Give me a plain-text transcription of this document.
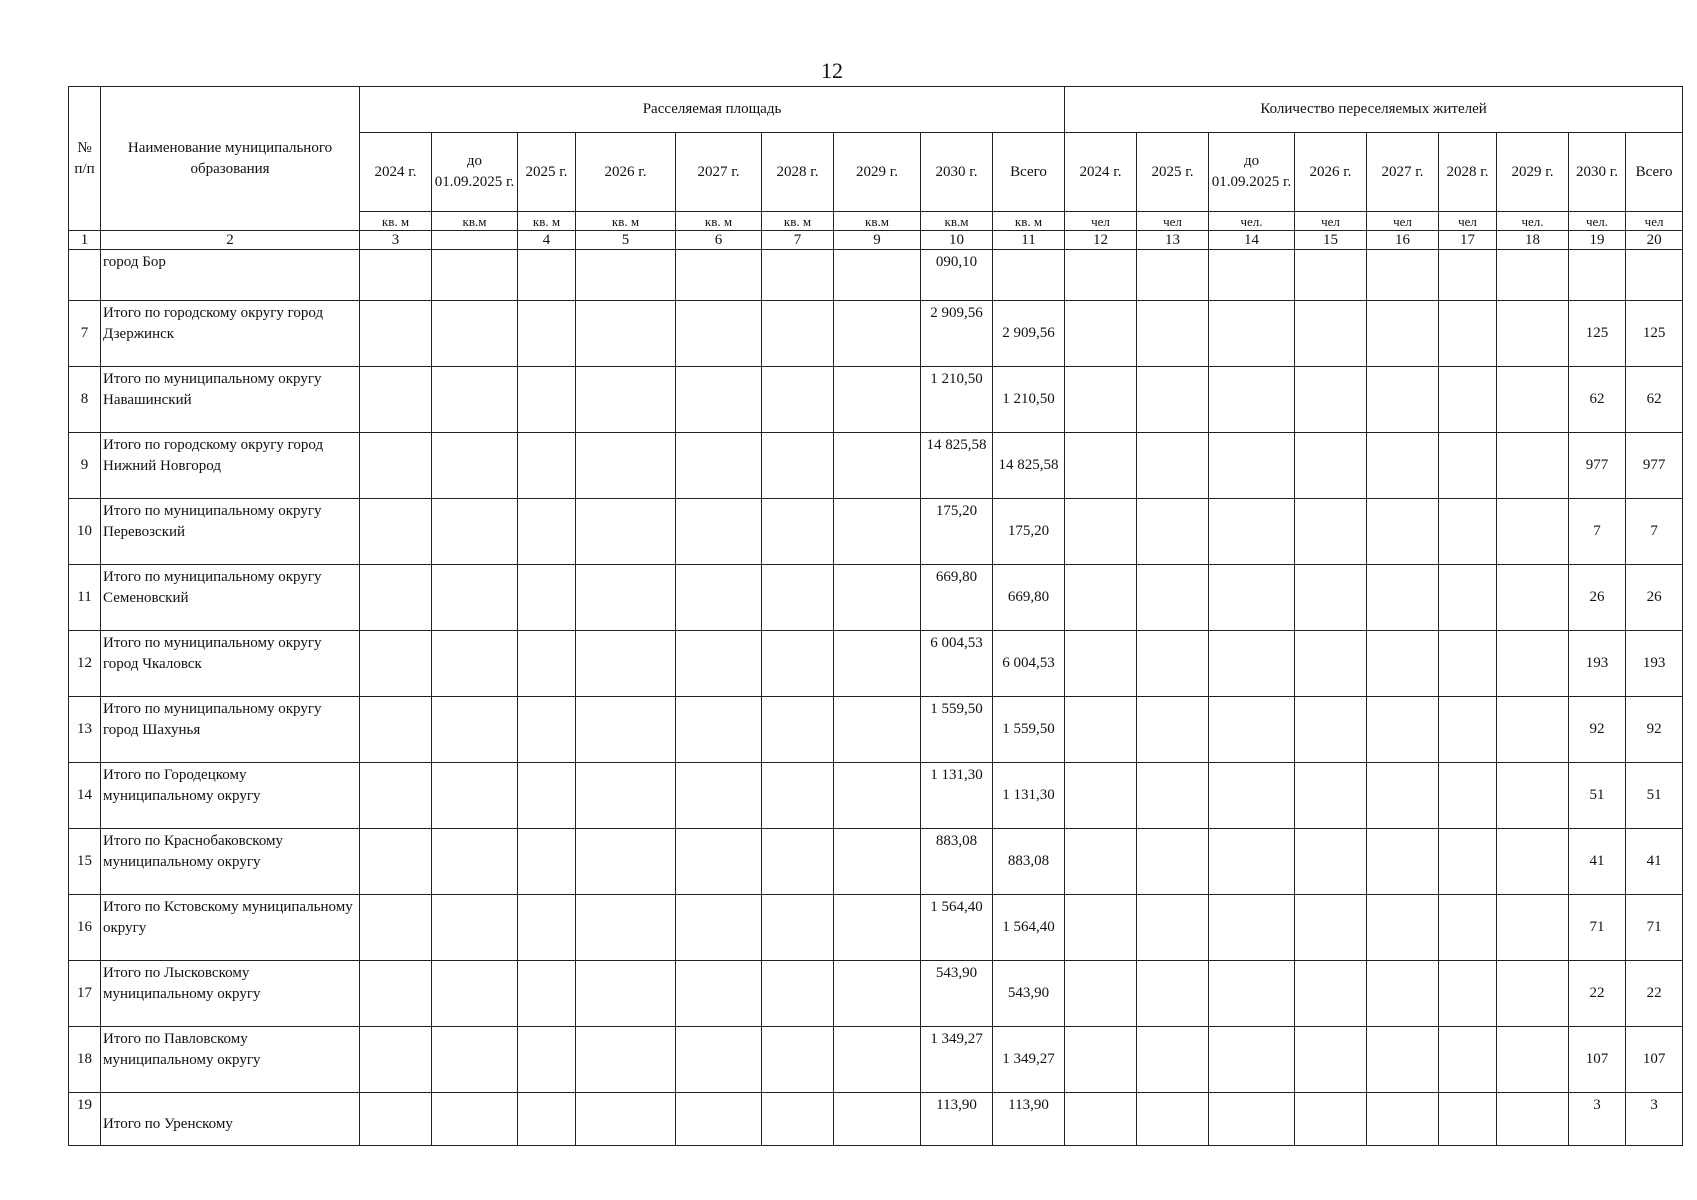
12
№ п/п	Наименование муниципального образования	Расселяемая площадь									Количество переселяемых жителей								
		2024 г.	до 01.09.2025 г.	2025 г.	2026 г.	2027 г.	2028 г.	2029 г.	2030 г.	Всего	2024 г.	2025 г.	до 01.09.2025 г.	2026 г.	2027 г.	2028 г.	2029 г.	2030 г.	Всего
		кв. м	кв.м	кв. м	кв. м	кв. м	кв. м	кв.м	кв.м	кв. м	чел	чел	чел.	чел	чел	чел	чел.	чел.	чел
1	2	3		4	5	6	7	9	10	11	12	13	14	15	16	17	18	19	20
	город Бор								090,10										
7	Итого по городскому округу город Дзержинск								2 909,56	2 909,56								125	125
8	Итого по муниципальному округу Навашинский								1 210,50	1 210,50								62	62
9	Итого по городскому округу город Нижний Новгород								14 825,58	14 825,58								977	977
10	Итого по муниципальному округу Перевозский								175,20	175,20								7	7
11	Итого по муниципальному округу Семеновский								669,80	669,80								26	26
12	Итого по муниципальному округу город Чкаловск								6 004,53	6 004,53								193	193
13	Итого по муниципальному округу город Шахунья								1 559,50	1 559,50								92	92
14	Итого по Городецкому муниципальному округу								1 131,30	1 131,30								51	51
15	Итого по Краснобаковскому муниципальному округу								883,08	883,08								41	41
16	Итого по Кстовскому муниципальному округу								1 564,40	1 564,40								71	71
17	Итого по Лысковскому муниципальному округу								543,90	543,90								22	22
18	Итого по Павловскому муниципальному округу								1 349,27	1 349,27								107	107
19	Итого по Уренскому								113,90	113,90								3	3
